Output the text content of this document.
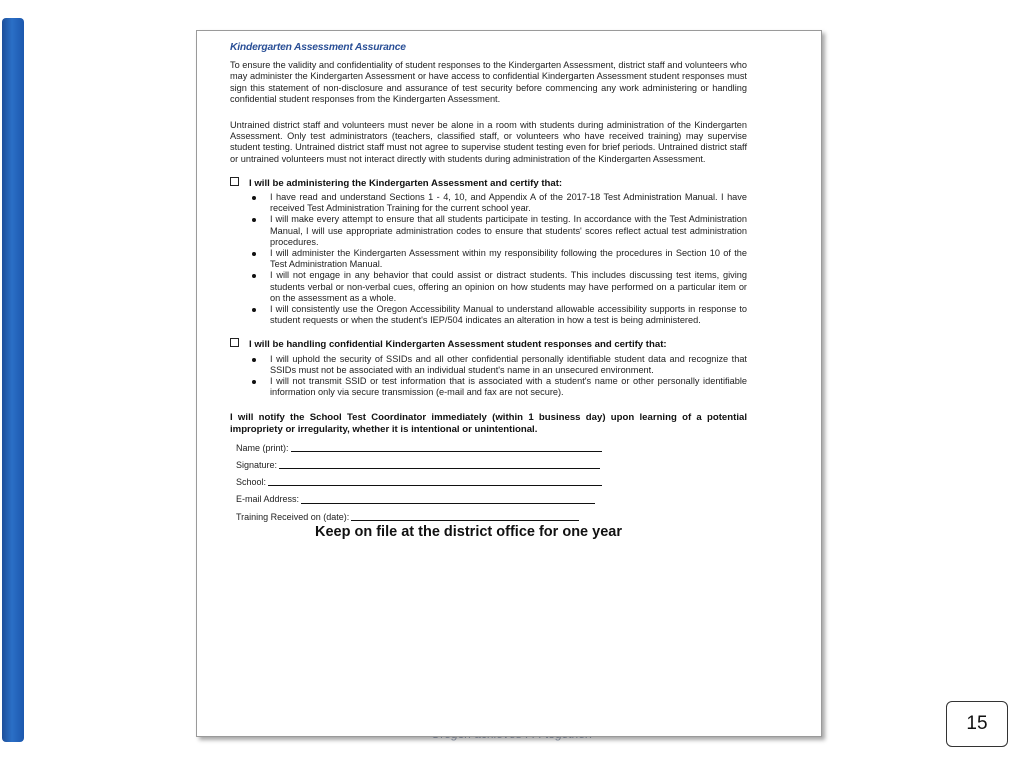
Kindergarten Assessment Assurance

To ensure the validity and confidentiality of student responses to the Kindergarten Assessment, district staff and volunteers who may administer the Kindergarten Assessment or have access to confidential Kindergarten Assessment student responses must sign this statement of non-disclosure and assurance of test security before commencing any work administering or handling confidential student responses from the Kindergarten Assessment.

Untrained district staff and volunteers must never be alone in a room with students during administration of the Kindergarten Assessment. Only test administrators (teachers, classified staff, or volunteers who have received training) may supervise student testing. Untrained district staff must not agree to supervise student testing even for brief periods. Untrained district staff or untrained volunteers must not interact directly with students during administration of the Kindergarten Assessment.

I will be administering the Kindergarten Assessment and certify that:
I have read and understand Sections 1 - 4, 10, and Appendix A of the 2017-18 Test Administration Manual. I have received Test Administration Training for the current school year.
I will make every attempt to ensure that all students participate in testing. In accordance with the Test Administration Manual, I will use appropriate administration codes to ensure that students' scores reflect actual test administration procedures.
I will administer the Kindergarten Assessment within my responsibility following the procedures in Section 10 of the Test Administration Manual.
I will not engage in any behavior that could assist or distract students. This includes discussing test items, giving students verbal or non-verbal cues, offering an opinion on how students may have performed on a particular item or on the assessment as a whole.
I will consistently use the Oregon Accessibility Manual to understand allowable accessibility supports in response to student requests or when the student's IEP/504 indicates an alteration in how a test is being administered.
I will be handling confidential Kindergarten Assessment student responses and certify that:
I will uphold the security of SSIDs and all other confidential personally identifiable student data and recognize that SSIDs must not be associated with an individual student's name in an unsecured environment.
I will not transmit SSID or test information that is associated with a student's name or other personally identifiable information only via secure transmission (e-mail and fax are not secure).
I will notify the School Test Coordinator immediately (within 1 business day) upon learning of a potential impropriety or irregularity, whether it is intentional or unintentional.
Name (print):
Signature:
School:
E-mail Address:
Training Received on (date):
Keep on file at the district office for one year
15
